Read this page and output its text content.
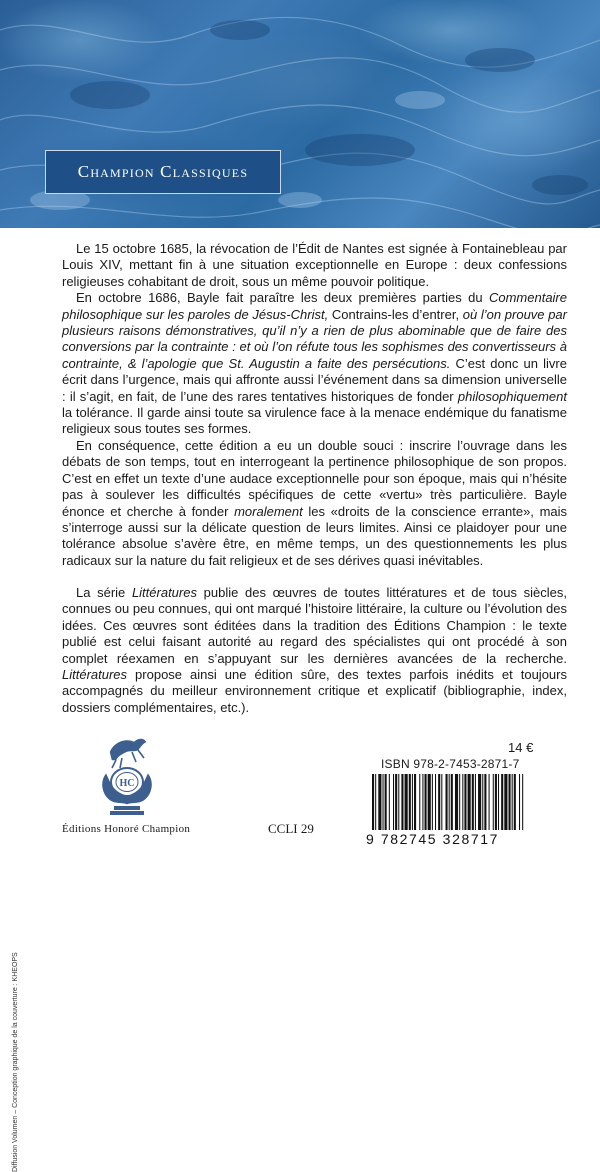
Champion Classiques

Le 15 octobre 1685, la révocation de l’Édit de Nantes est signée à Fontainebleau par Louis XIV, mettant fin à une situation exceptionnelle en Europe : deux confessions religieuses cohabitant de droit, sous un même pouvoir politique.

En octobre 1686, Bayle fait paraître les deux premières parties du Commentaire philosophique sur les paroles de Jésus-Christ, Contrains-les d’entrer, où l’on prouve par plusieurs raisons démonstratives, qu’il n’y a rien de plus abominable que de faire des conversions par la contrainte : et où l’on réfute tous les sophismes des convertisseurs à contrainte, & l’apologie que St. Augustin a faite des persécutions. C’est donc un livre écrit dans l’urgence, mais qui affronte aussi l’événement dans sa dimension universelle : il s’agit, en fait, de l’une des rares tentatives historiques de fonder philosophiquement la tolérance. Il garde ainsi toute sa virulence face à la menace endémique du fanatisme religieux sous toutes ses formes.

En conséquence, cette édition a eu un double souci : inscrire l’ouvrage dans les débats de son temps, tout en interrogeant la pertinence philosophique de son propos. C’est en effet un texte d’une audace exceptionnelle pour son époque, mais qui n’hésite pas à soulever les difficultés spécifiques de cette «vertu» très particulière. Bayle énonce et cherche à fonder moralement les «droits de la conscience errante», mais s’interroge aussi sur la délicate question de leurs limites. Ainsi ce plaidoyer pour une tolérance absolue s’avère être, en même temps, un des questionnements les plus radicaux sur la nature du fait religieux et de ses dérives quasi inévitables.

La série Littératures publie des œuvres de toutes littératures et de tous siècles, connues ou peu connues, qui ont marqué l’histoire littéraire, la culture ou l’évolution des idées. Ces œuvres sont éditées dans la tradition des Éditions Champion : le texte publié est celui faisant autorité au regard des spécialistes qui ont procédé à son complet réexamen en s’appuyant sur les dernières avancées de la recherche. Littératures propose ainsi une édition sûre, des textes parfois inédits et toujours accompagnés du meilleur environnement critique et explicatif (bibliographie, index, dossiers complémentaires, etc.).

Diffusion Volumen – Conception graphique de la couverture : KHEOPS
HC
Éditions Honoré Champion	CCLI 29
14 €
ISBN 978-2-7453-2871-7
9 782745 328717
